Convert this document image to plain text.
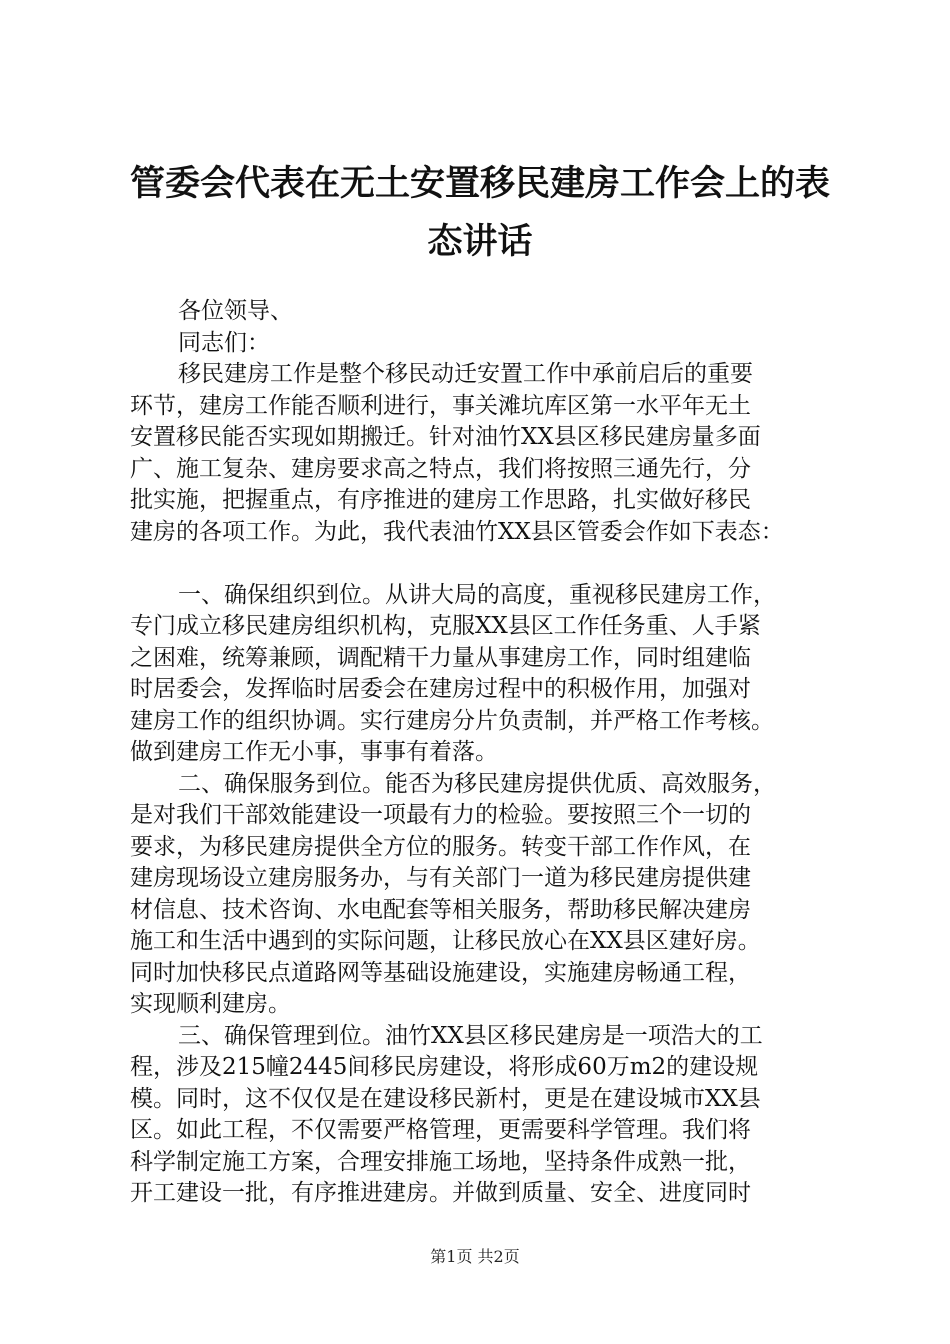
管委会代表在无土安置移民建房工作会上的表
态讲话
各位领导、
同志们：
移民建房工作是整个移民动迁安置工作中承前启后的重要
环节，建房工作能否顺利进行，事关滩坑库区第一水平年无土
安置移民能否实现如期搬迁。针对油竹XX县区移民建房量多面
广、施工复杂、建房要求高之特点，我们将按照三通先行，分
批实施，把握重点，有序推进的建房工作思路，扎实做好移民
建房的各项工作。为此，我代表油竹XX县区管委会作如下表态：
一、确保组织到位。从讲大局的高度，重视移民建房工作，
专门成立移民建房组织机构，克服XX县区工作任务重、人手紧
之困难，统筹兼顾，调配精干力量从事建房工作，同时组建临
时居委会，发挥临时居委会在建房过程中的积极作用，加强对
建房工作的组织协调。实行建房分片负责制，并严格工作考核。
做到建房工作无小事，事事有着落。
二、确保服务到位。能否为移民建房提供优质、高效服务，
是对我们干部效能建设一项最有力的检验。要按照三个一切的
要求，为移民建房提供全方位的服务。转变干部工作作风，在
建房现场设立建房服务办，与有关部门一道为移民建房提供建
材信息、技术咨询、水电配套等相关服务，帮助移民解决建房
施工和生活中遇到的实际问题，让移民放心在XX县区建好房。
同时加快移民点道路网等基础设施建设，实施建房畅通工程，
实现顺利建房。
三、确保管理到位。油竹XX县区移民建房是一项浩大的工
程，涉及215幢2445间移民房建设，将形成60万m2的建设规
模。同时，这不仅仅是在建设移民新村，更是在建设城市XX县
区。如此工程，不仅需要严格管理，更需要科学管理。我们将
科学制定施工方案，合理安排施工场地，坚持条件成熟一批，
开工建设一批，有序推进建房。并做到质量、安全、进度同时
第1页 共2页
